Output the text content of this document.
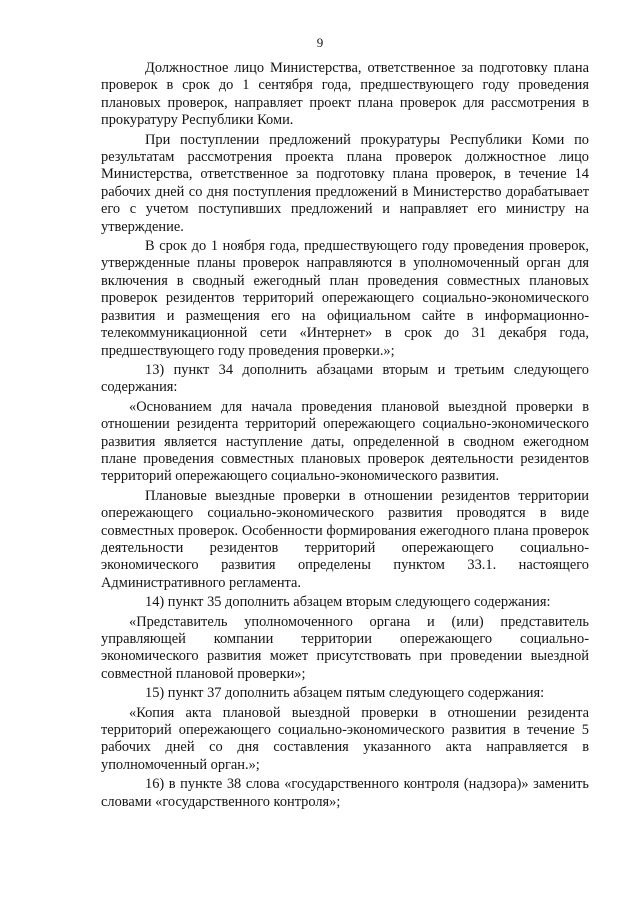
9

Должностное лицо Министерства, ответственное за подготовку плана проверок в срок до 1 сентября года, предшествующего году проведения плановых проверок, направляет проект плана проверок для рассмотрения в прокуратуру Республики Коми.

При поступлении предложений прокуратуры Республики Коми по результатам рассмотрения проекта плана проверок должностное лицо Министерства, ответственное за подготовку плана проверок, в течение 14 рабочих дней со дня поступления предложений в Министерство дорабатывает его с учетом поступивших предложений и направляет его министру на утверждение.

В срок до 1 ноября года, предшествующего году проведения проверок, утвержденные планы проверок направляются в уполномоченный орган для включения в сводный ежегодный план проведения совместных плановых проверок резидентов территорий опережающего социально-экономического развития и размещения его на официальном сайте в информационно-телекоммуникационной сети «Интернет» в срок до 31 декабря года, предшествующего году проведения проверки.»;

13) пункт 34 дополнить абзацами вторым и третьим следующего содержания:

«Основанием для начала проведения плановой выездной проверки в отношении резидента территорий опережающего социально-экономического развития является наступление даты, определенной в сводном ежегодном плане проведения совместных плановых проверок деятельности резидентов территорий опережающего социально-экономического развития.

Плановые выездные проверки в отношении резидентов территории опережающего социально-экономического развития проводятся в виде совместных проверок. Особенности формирования ежегодного плана проверок деятельности резидентов территорий опережающего социально-экономического развития определены пунктом 33.1. настоящего Административного регламента.

14) пункт 35 дополнить абзацем вторым следующего содержания:

«Представитель уполномоченного органа и (или) представитель управляющей компании территории опережающего социально-экономического развития может присутствовать при проведении выездной совместной плановой проверки»;

15) пункт 37 дополнить абзацем пятым следующего содержания:

«Копия акта плановой выездной проверки в отношении резидента территорий опережающего социально-экономического развития в течение 5 рабочих дней со дня составления указанного акта направляется в уполномоченный орган.»;

16) в пункте 38 слова «государственного контроля (надзора)» заменить словами «государственного контроля»;
